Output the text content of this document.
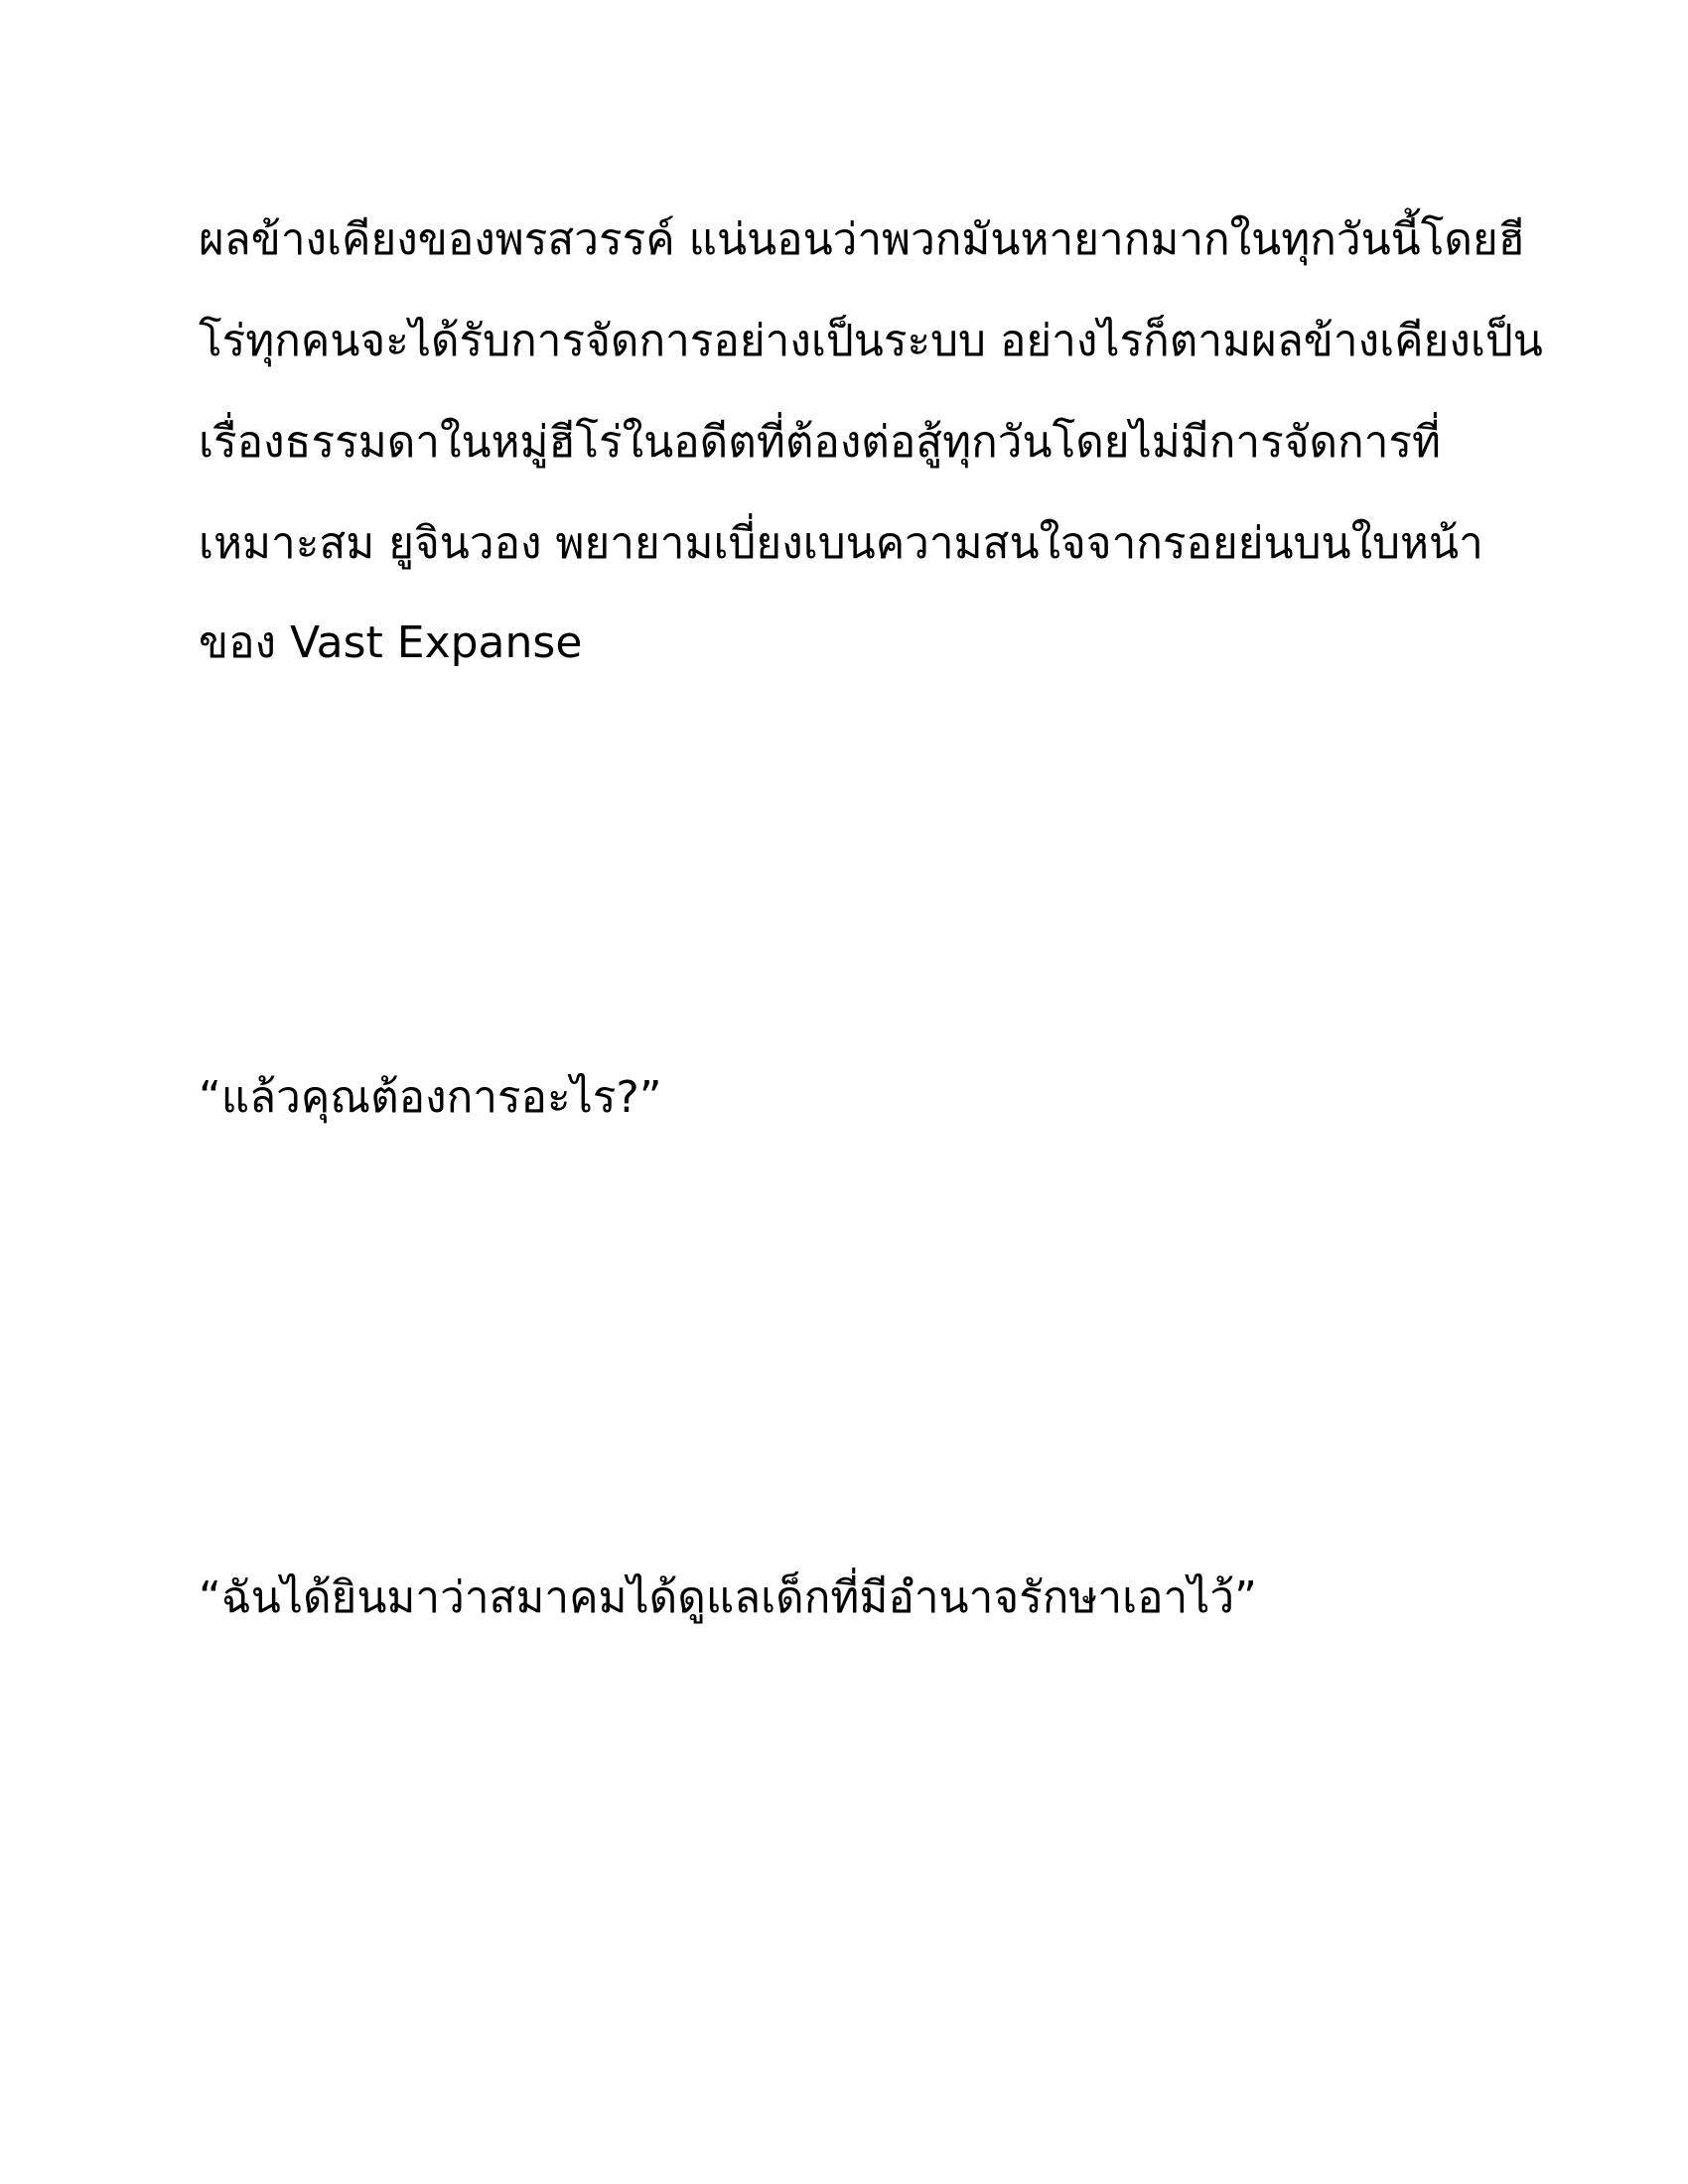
ผลข้างเคียงของพรสวรรค์ แน่นอนว่าพวกมันหายากมากในทุกวันนี้โดยฮี

โร่ทุกคนจะได้รับการจัดการอย่างเป็นระบบ อย่างไรก็ตามผลข้างเคียงเป็น

เรื่องธรรมดาในหมู่ฮีโร่ในอดีตที่ต้องต่อสู้ทุกวันโดยไม่มีการจัดการที่

เหมาะสม ยูจินวอง พยายามเบี่ยงเบนความสนใจจากรอยย่นบนใบหน้า

ของ Vast Expanse

“แล้วคุณต้องการอะไร?”

“ฉันได้ยินมาว่าสมาคมได้ดูแลเด็กที่มีอำนาจรักษาเอาไว้”
